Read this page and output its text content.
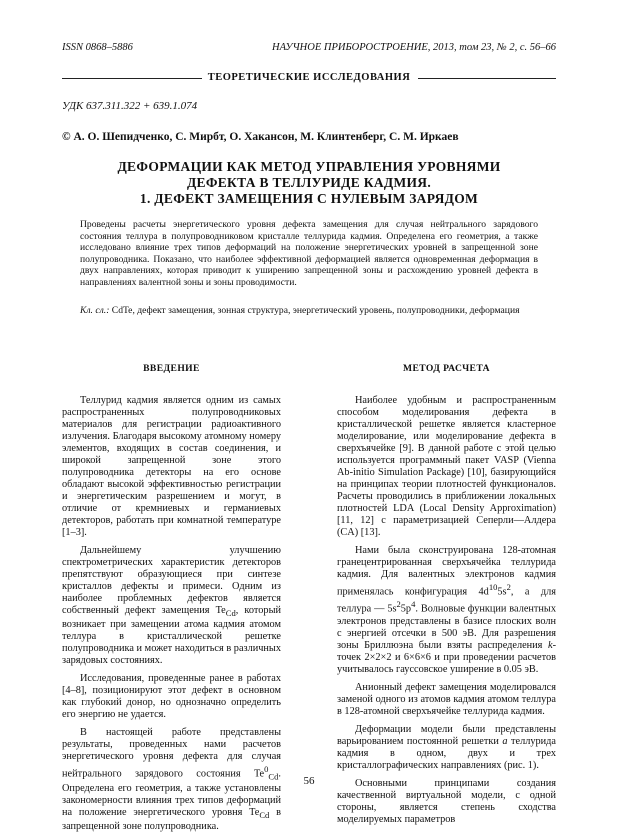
ISSN 0868–5886	НАУЧНОЕ ПРИБОРОСТРОЕНИЕ, 2013, том 23, № 2, с. 56–66
ТЕОРЕТИЧЕСКИЕ ИССЛЕДОВАНИЯ
УДК 637.311.322 + 639.1.074
© А. О. Шепидченко, С. Мирбт, О. Хакансон, М. Клинтенберг, С. М. Иркаев
ДЕФОРМАЦИИ КАК МЕТОД УПРАВЛЕНИЯ УРОВНЯМИ
ДЕФЕКТА В ТЕЛЛУРИДЕ КАДМИЯ.
1. ДЕФЕКТ ЗАМЕЩЕНИЯ С НУЛЕВЫМ ЗАРЯДОМ
Проведены расчеты энергетического уровня дефекта замещения для случая нейтрального зарядового состояния теллура в полупроводниковом кристалле теллурида кадмия. Определена его геометрия, а также исследовано влияние трех типов деформаций на положение энергетических уровней в запрещенной зоне полупроводника. Показано, что наиболее эффективной деформацией является одновременная деформация в двух направлениях, которая приводит к уширению запрещенной зоны и расхождению уровней дефекта в направлениях валентной зоны и зоны проводимости.
Кл. сл.: CdTe, дефект замещения, зонная структура, энергетический уровень, полупроводники, деформация
ВВЕДЕНИЕ

Теллурид кадмия является одним из самых распространенных полупроводниковых материалов для регистрации радиоактивного излучения. Благодаря высокому атомному номеру элементов, входящих в состав соединения, и широкой запрещенной зоне этого полупроводника детекторы на его основе обладают высокой эффективностью регистрации и энергетическим разрешением и могут, в отличие от кремниевых и германиевых детекторов, работать при комнатной температуре [1–3].

Дальнейшему улучшению спектрометрических характеристик детекторов препятствуют образующиеся при синтезе кристаллов дефекты и примеси. Одним из наиболее проблемных дефектов является собственный дефект замещения $Te_{Cd}$, который возникает при замещении атома кадмия атомом теллура в кристаллической решетке полупроводника и может находиться в различных зарядовых состояниях.

Исследования, проведенные ранее в работах [4–8], позиционируют этот дефект в основном как глубокий донор, но однозначно определить его энергию не удается.

В настоящей работе представлены результаты, проведенных нами расчетов энергетического уровня дефекта для случая нейтрального зарядового состояния $Te^0_{Cd}$. Определена его геометрия, а также установлены закономерности влияния трех типов деформаций на положение энергетического уровня $Te_{Cd}$ в запрещенной зоне полупроводника.

МЕТОД РАСЧЕТА

Наиболее удобным и распространенным способом моделирования дефекта в кристаллической решетке является кластерное моделирование, или моделирование дефекта в сверхъячейке [9]. В данной работе с этой целью используется программный пакет VASP (Vienna Ab-initio Simulation Package) [10], базирующийся на принципах теории плотностей функционалов. Расчеты проводились в приближении локальных плотностей LDA (Local Density Approximation) [11, 12] с параметризацией Сеперли—Алдера (CA) [13].

Нами была сконструирована 128-атомная гранецентрированная сверхъячейка теллурида кадмия. Для валентных электронов кадмия применялась конфигурация $4d^{10}5s^2$, а для теллура — $5s^25p^4$. Волновые функции валентных электронов представлены в базисе плоских волн с энергией отсечки в 500 эВ. Для разрешения зоны Бриллюэна были взяты распределения k-точек 2×2×2 и 6×6×6 и при проведении расчетов учитывалось гауссовское уширение в 0.05 эВ.

Анионный дефект замещения моделировался заменой одного из атомов кадмия атомом теллура в 128-атомной сверхъячейке теллурида кадмия.

Деформации модели были представлены варьированием постоянной решетки a теллурида кадмия в одном, двух и трех кристаллографических направлениях (рис. 1).

Основными принципами создания качественной виртуальной модели, с одной стороны, является степень сходства моделируемых параметров

56
